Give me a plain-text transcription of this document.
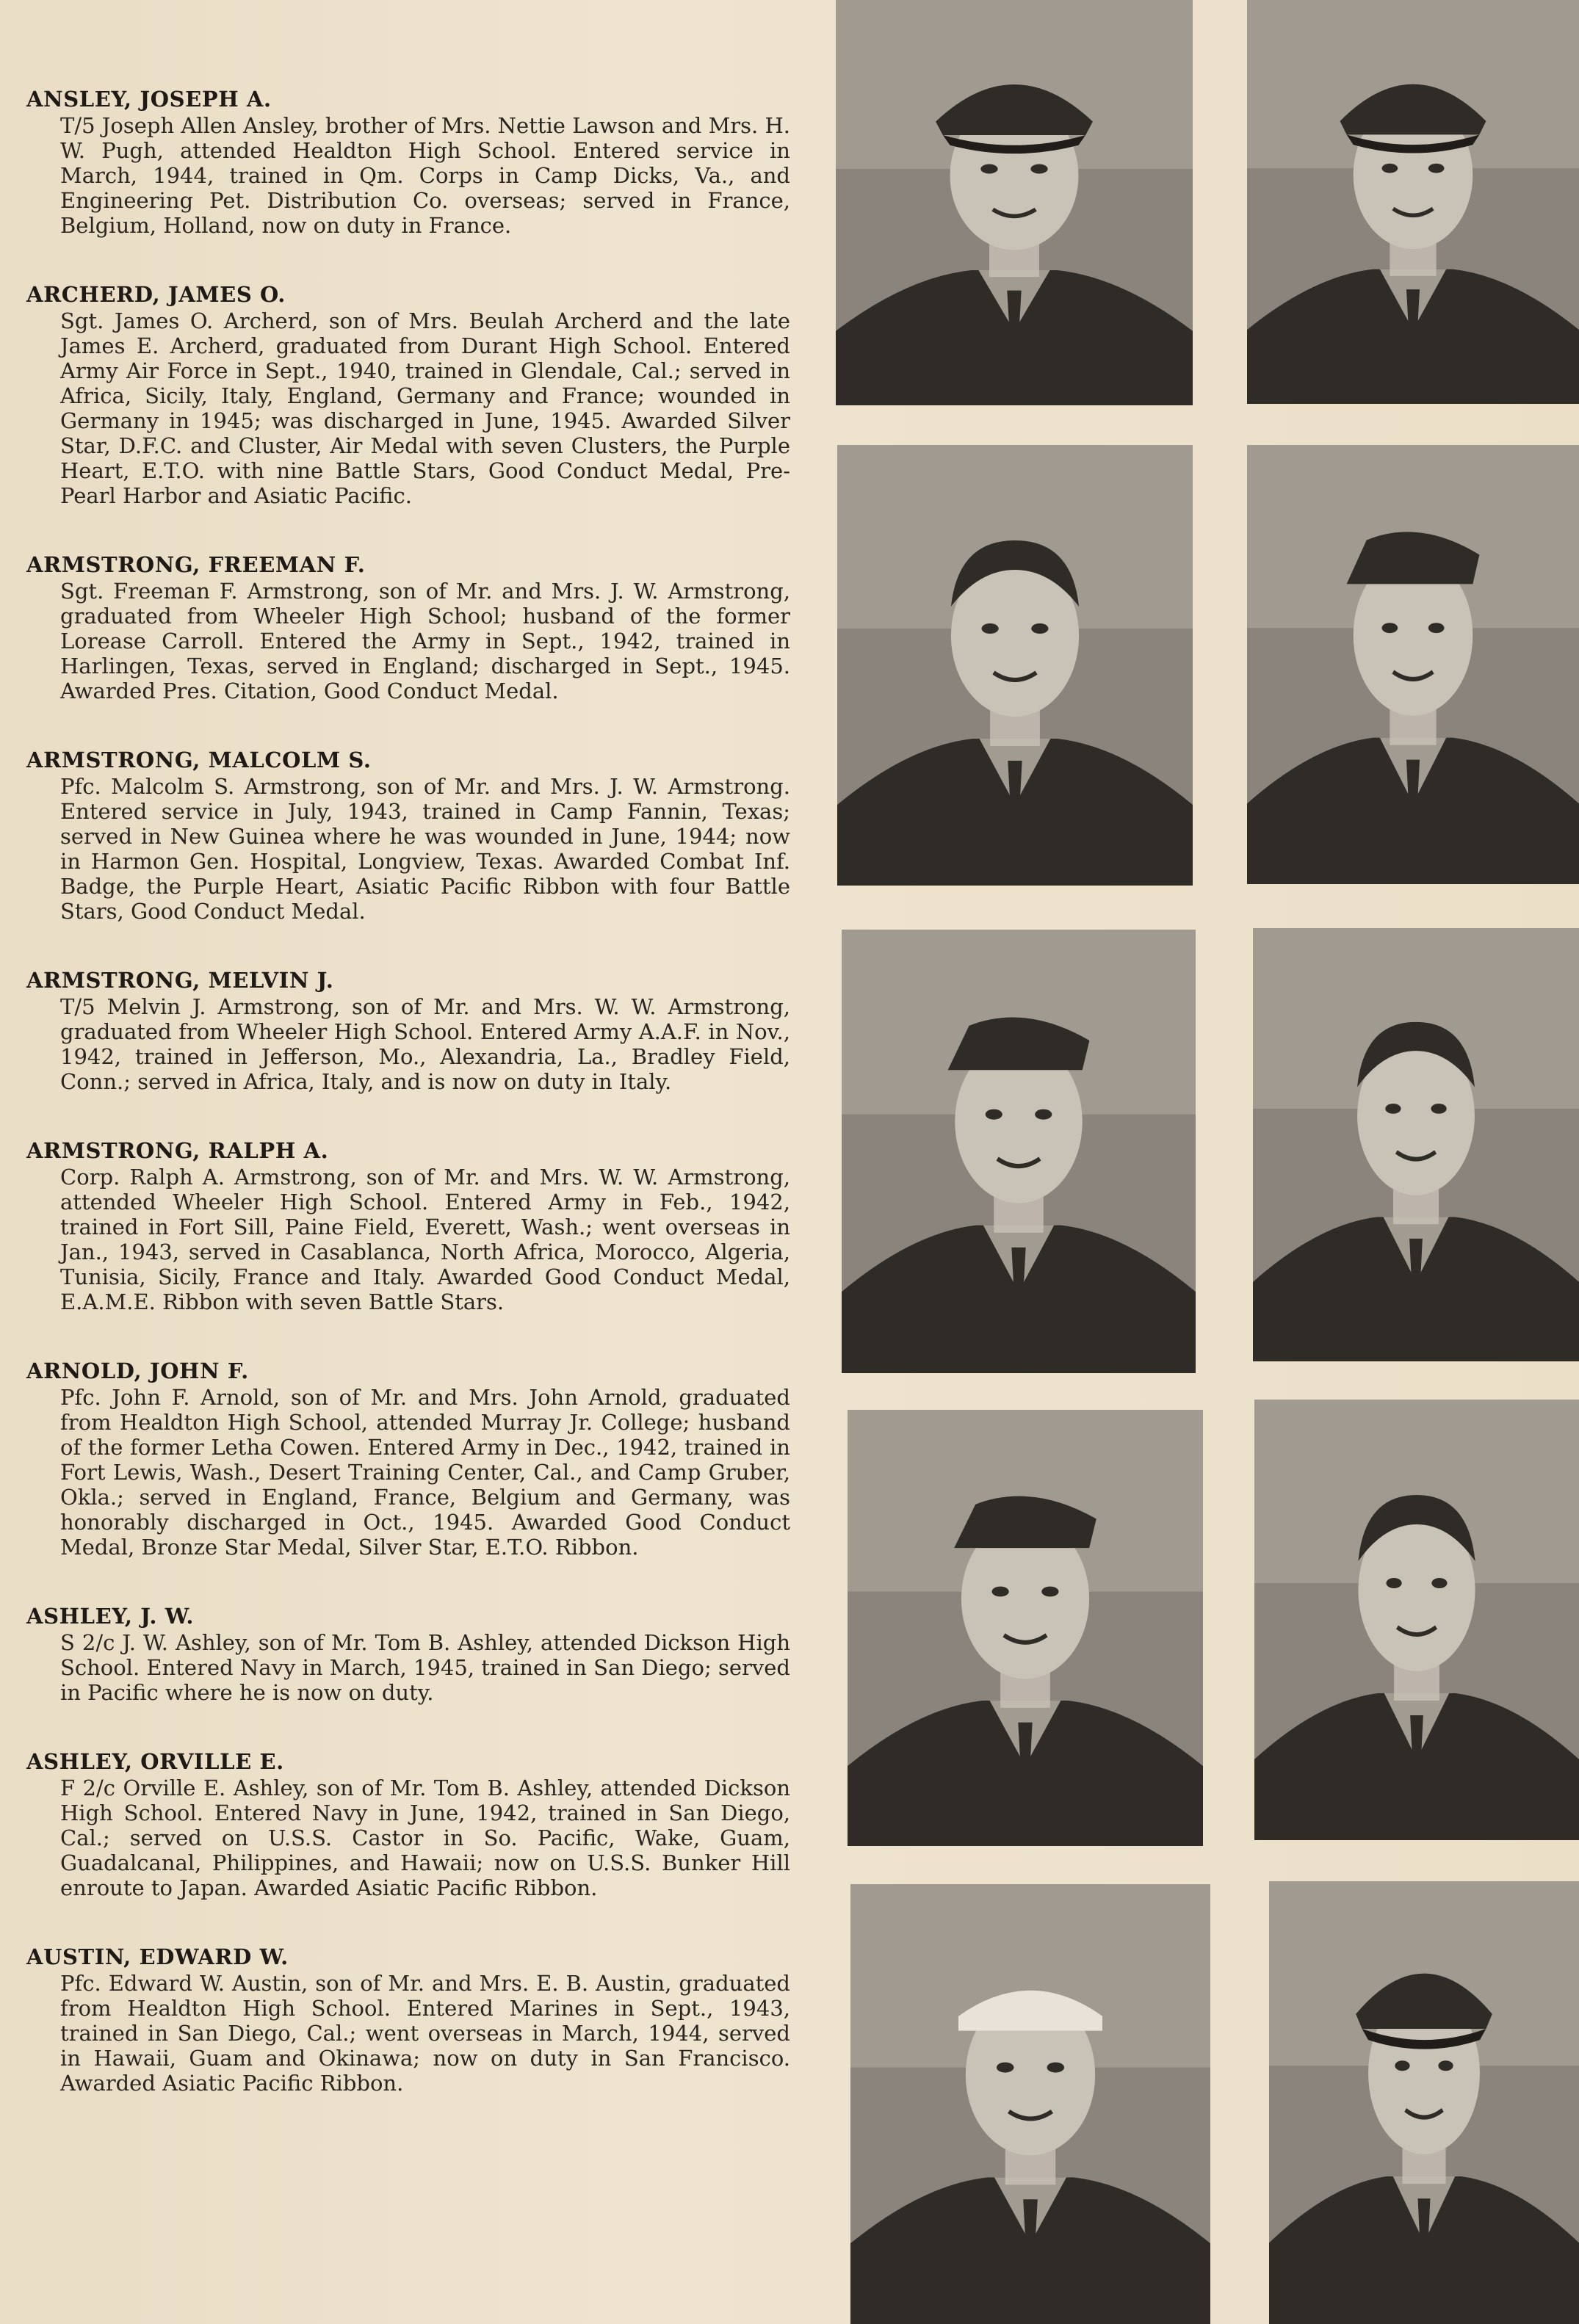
ANSLEY, JOSEPH A.
T/5 Joseph Allen Ansley, brother of Mrs. Nettie Lawson and Mrs. H. W. Pugh, attended Healdton High School. Entered service in March, 1944, trained in Qm. Corps in Camp Dicks, Va., and Engineering Pet. Distribution Co. overseas; served in France, Belgium, Holland, now on duty in France.
ARCHERD, JAMES O.
Sgt. James O. Archerd, son of Mrs. Beulah Archerd and the late James E. Archerd, graduated from Durant High School. Entered Army Air Force in Sept., 1940, trained in Glendale, Cal.; served in Africa, Sicily, Italy, England, Germany and France; wounded in Germany in 1945; was discharged in June, 1945. Awarded Silver Star, D.F.C. and Cluster, Air Medal with seven Clusters, the Purple Heart, E.T.O. with nine Battle Stars, Good Conduct Medal, Pre-Pearl Harbor and Asiatic Pacific.
ARMSTRONG, FREEMAN F.
Sgt. Freeman F. Armstrong, son of Mr. and Mrs. J. W. Armstrong, graduated from Wheeler High School; husband of the former Lorease Carroll. Entered the Army in Sept., 1942, trained in Harlingen, Texas, served in England; discharged in Sept., 1945. Awarded Pres. Citation, Good Conduct Medal.
ARMSTRONG, MALCOLM S.
Pfc. Malcolm S. Armstrong, son of Mr. and Mrs. J. W. Armstrong. Entered service in July, 1943, trained in Camp Fannin, Texas; served in New Guinea where he was wounded in June, 1944; now in Harmon Gen. Hospital, Longview, Texas. Awarded Combat Inf. Badge, the Purple Heart, Asiatic Pacific Ribbon with four Battle Stars, Good Conduct Medal.
ARMSTRONG, MELVIN J.
T/5 Melvin J. Armstrong, son of Mr. and Mrs. W. W. Armstrong, graduated from Wheeler High School. Entered Army A.A.F. in Nov., 1942, trained in Jefferson, Mo., Alexandria, La., Bradley Field, Conn.; served in Africa, Italy, and is now on duty in Italy.
ARMSTRONG, RALPH A.
Corp. Ralph A. Armstrong, son of Mr. and Mrs. W. W. Armstrong, attended Wheeler High School. Entered Army in Feb., 1942, trained in Fort Sill, Paine Field, Everett, Wash.; went overseas in Jan., 1943, served in Casablanca, North Africa, Morocco, Algeria, Tunisia, Sicily, France and Italy. Awarded Good Conduct Medal, E.A.M.E. Ribbon with seven Battle Stars.
ARNOLD, JOHN F.
Pfc. John F. Arnold, son of Mr. and Mrs. John Arnold, graduated from Healdton High School, attended Murray Jr. College; husband of the former Letha Cowen. Entered Army in Dec., 1942, trained in Fort Lewis, Wash., Desert Training Center, Cal., and Camp Gruber, Okla.; served in England, France, Belgium and Germany, was honorably discharged in Oct., 1945. Awarded Good Conduct Medal, Bronze Star Medal, Silver Star, E.T.O. Ribbon.
ASHLEY, J. W.
S 2/c J. W. Ashley, son of Mr. Tom B. Ashley, attended Dickson High School. Entered Navy in March, 1945, trained in San Diego; served in Pacific where he is now on duty.
ASHLEY, ORVILLE E.
F 2/c Orville E. Ashley, son of Mr. Tom B. Ashley, attended Dickson High School. Entered Navy in June, 1942, trained in San Diego, Cal.; served on U.S.S. Castor in So. Pacific, Wake, Guam, Guadalcanal, Philippines, and Hawaii; now on U.S.S. Bunker Hill enroute to Japan. Awarded Asiatic Pacific Ribbon.
AUSTIN, EDWARD W.
Pfc. Edward W. Austin, son of Mr. and Mrs. E. B. Austin, graduated from Healdton High School. Entered Marines in Sept., 1943, trained in San Diego, Cal.; went overseas in March, 1944, served in Hawaii, Guam and Okinawa; now on duty in San Francisco. Awarded Asiatic Pacific Ribbon.
